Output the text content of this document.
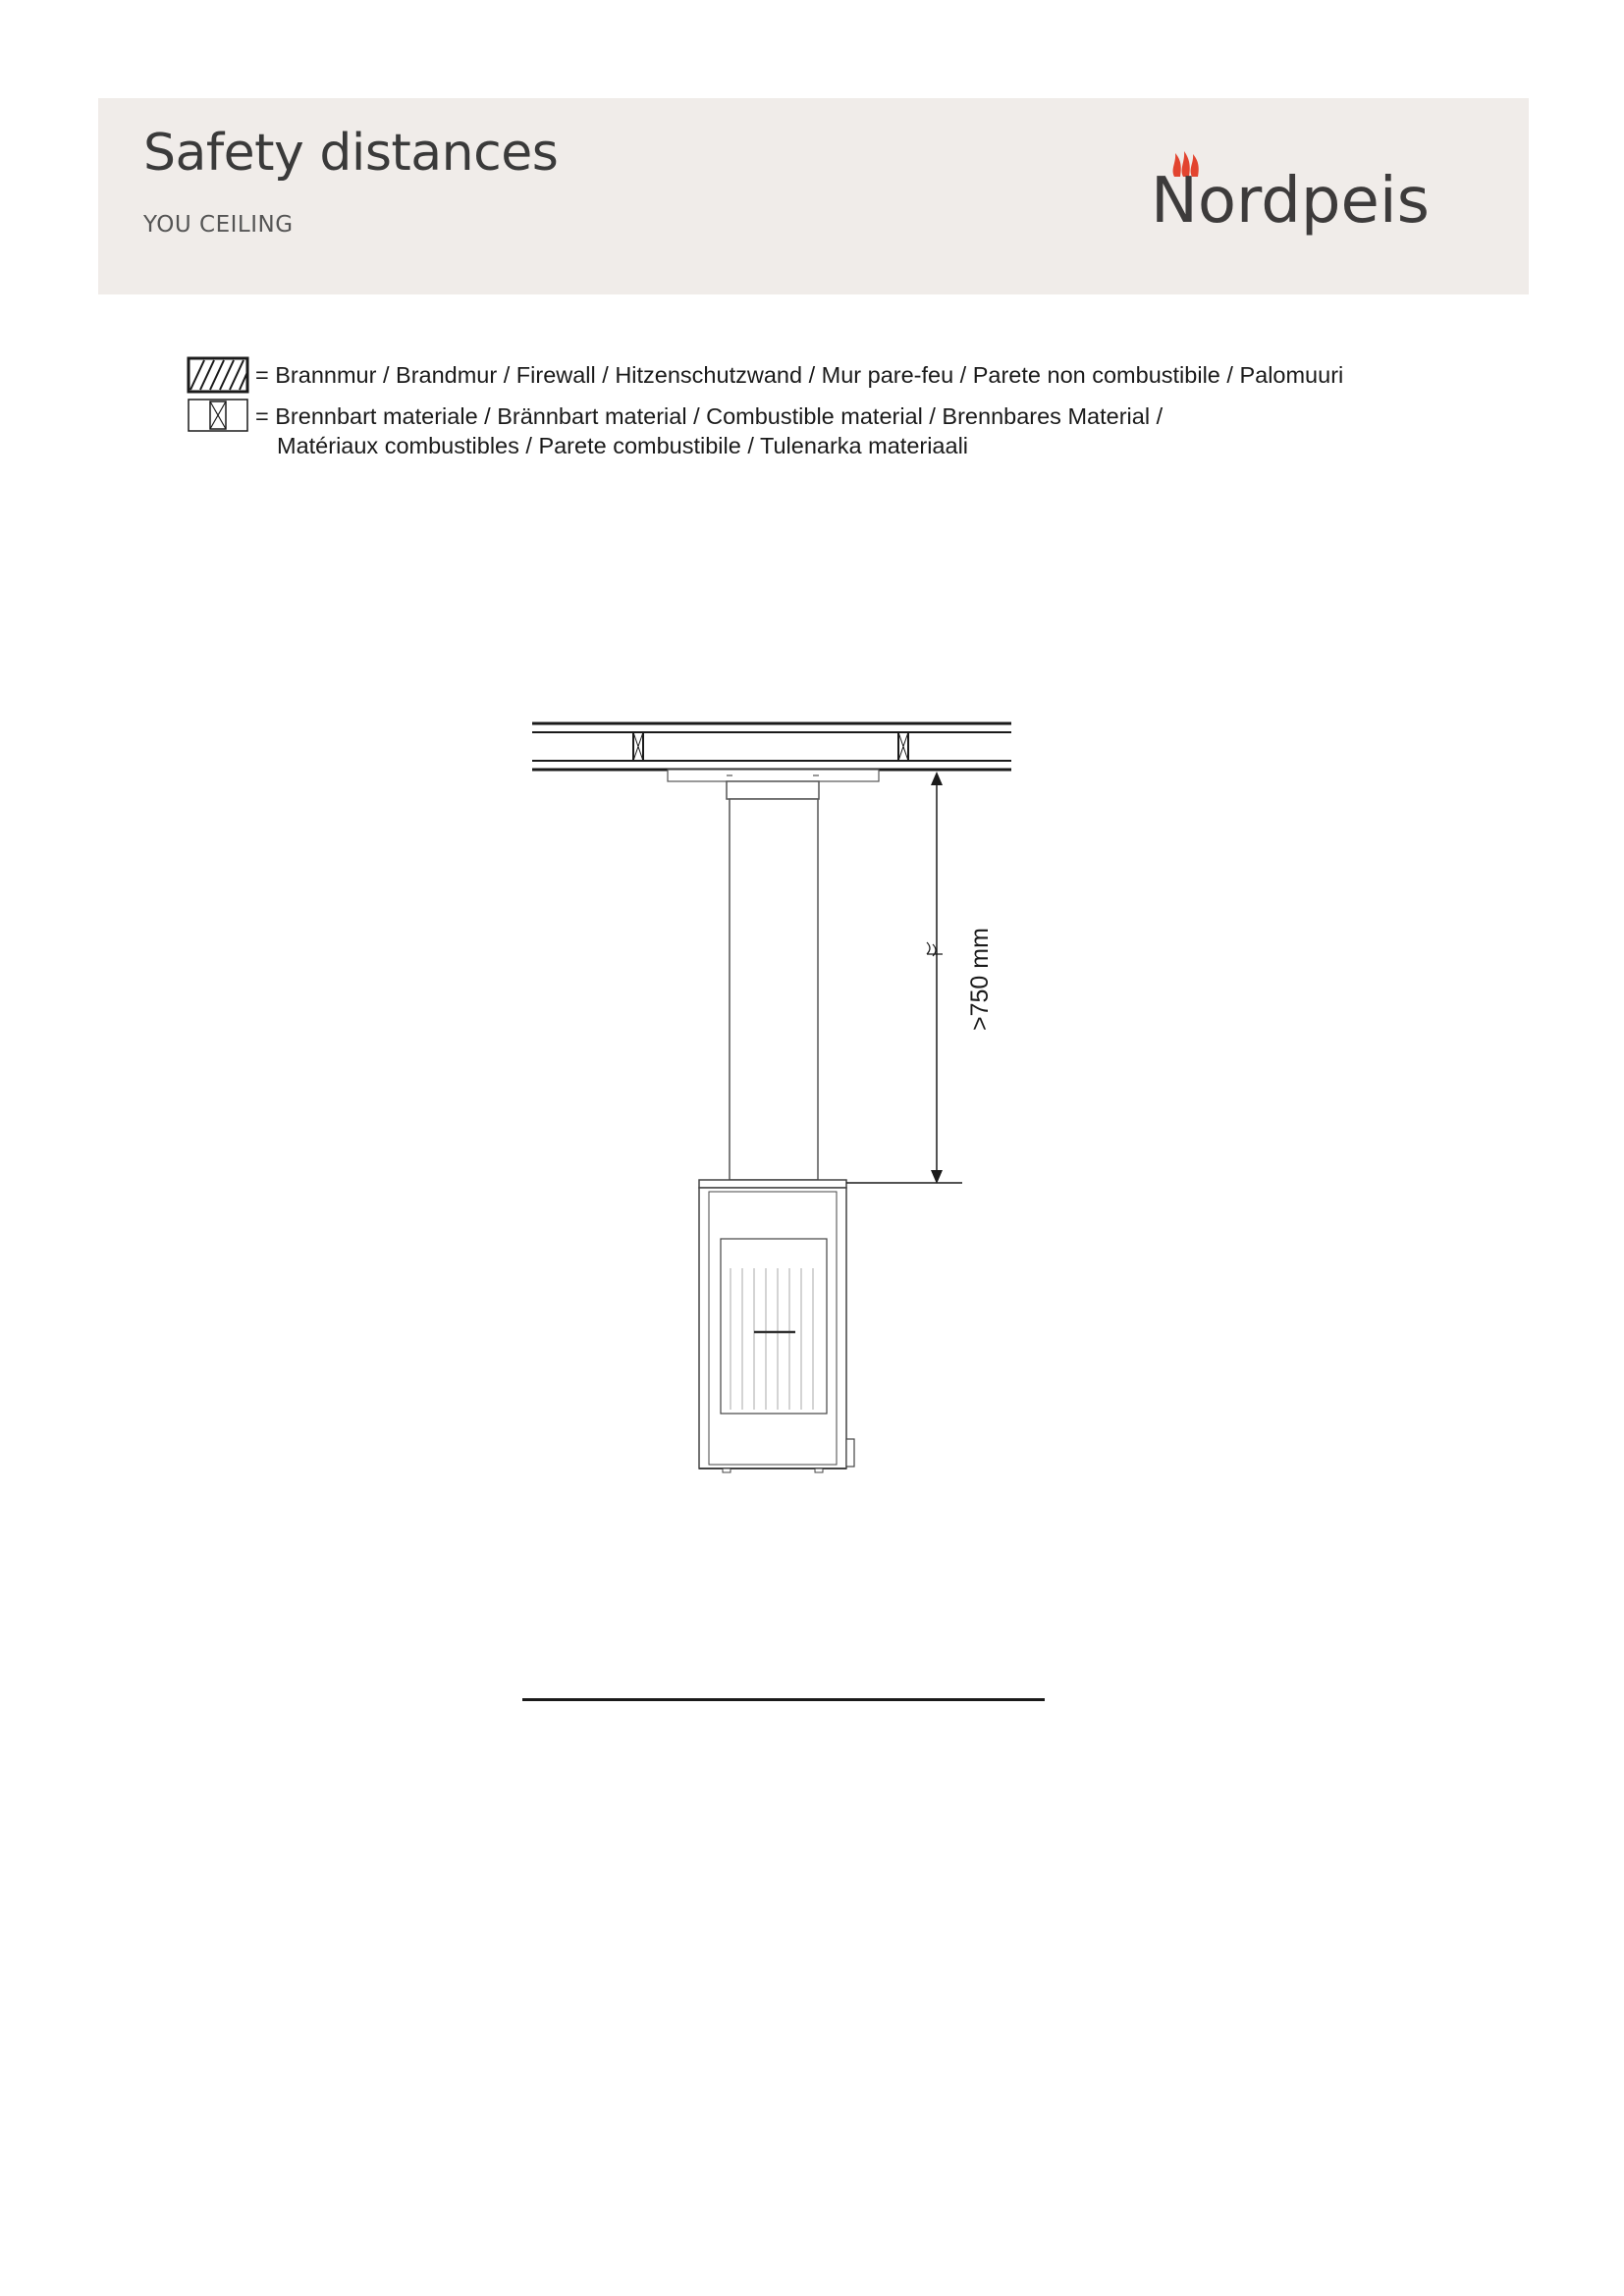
Safety distances
YOU CEILING	Nordpeis
= Brannmur / Brandmur / Firewall / Hitzenschutzwand / Mur pare-feu / Parete non combustibile / Palomuuri
= Brennbart materiale / Brännbart material / Combustible material / Brennbares Material /
Matériaux combustibles / Parete combustibile / Tulenarka materiaali
>750 mm
